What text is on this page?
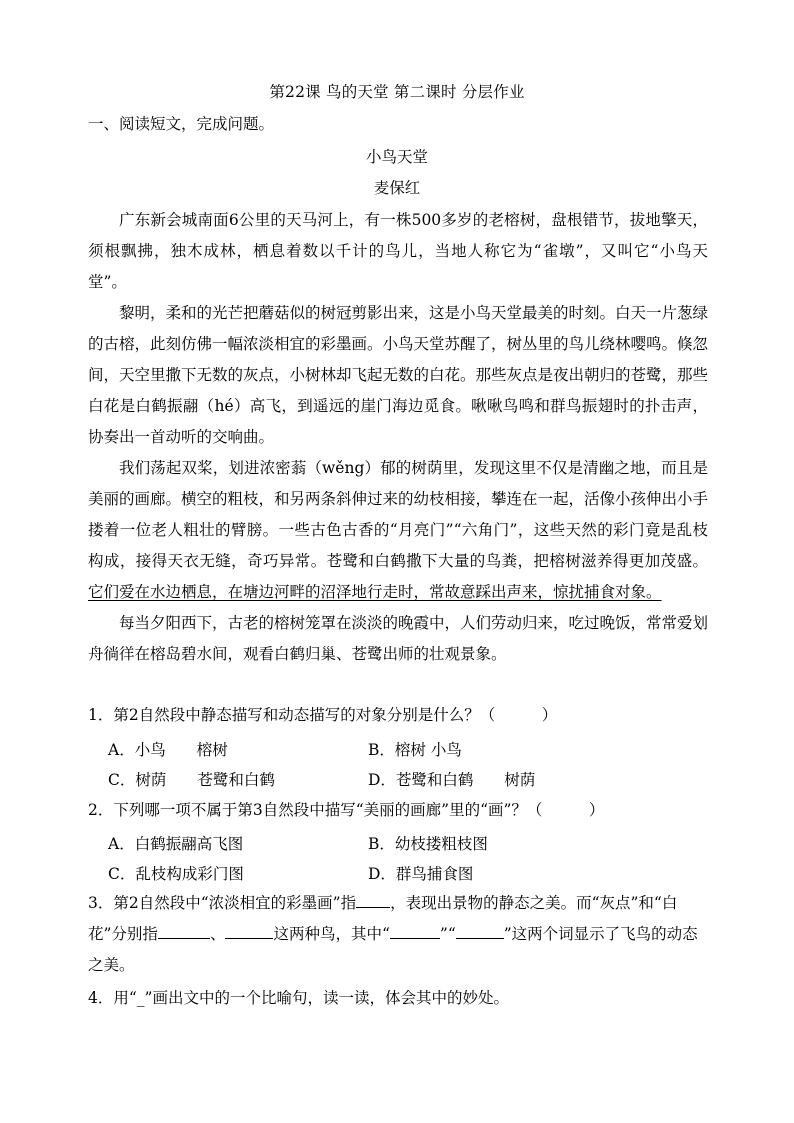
第22课 鸟的天堂 第二课时 分层作业
一、阅读短文，完成问题。
小鸟天堂
麦保红

广东新会城南面6公里的天马河上，有一株500多岁的老榕树，盘根错节，拔地擎天，须根飘拂，独木成林，栖息着数以千计的鸟儿，当地人称它为“雀墩”，又叫它“小鸟天堂”。

黎明，柔和的光芒把蘑菇似的树冠剪影出来，这是小鸟天堂最美的时刻。白天一片葱绿的古榕，此刻仿佛一幅浓淡相宜的彩墨画。小鸟天堂苏醒了，树丛里的鸟儿绕林嘤鸣。倏忽间，天空里撒下无数的灰点，小树林却飞起无数的白花。那些灰点是夜出朝归的苍鹭，那些白花是白鹤振翮（hé）高飞，到遥远的崖门海边觅食。啾啾鸟鸣和群鸟振翅时的扑击声，协奏出一首动听的交响曲。

我们荡起双桨，划进浓密蓊（wěng）郁的树荫里，发现这里不仅是清幽之地，而且是美丽的画廊。横空的粗枝，和另两条斜伸过来的幼枝相接，攀连在一起，活像小孩伸出小手搂着一位老人粗壮的臂膀。一些古色古香的“月亮门”“六角门”，这些天然的彩门竟是乱枝构成，接得天衣无缝，奇巧异常。苍鹭和白鹤撒下大量的鸟粪，把榕树滋养得更加茂盛。它们爱在水边栖息，在塘边河畔的沼泽地行走时，常故意踩出声来，惊扰捕食对象。

每当夕阳西下，古老的榕树笼罩在淡淡的晚霞中，人们劳动归来，吃过晚饭，常常爱划舟徜徉在榕岛碧水间，观看白鹤归巢、苍鹭出师的壮观景象。

1．第2自然段中静态描写和动态描写的对象分别是什么？（　　　）
A．小鸟　　榕树	B．榕树 小鸟
C．树荫　　苍鹭和白鹤	D．苍鹭和白鹤　　树荫
2．下列哪一项不属于第3自然段中描写“美丽的画廊”里的“画”？（　　　）
A．白鹤振翮高飞图	B．幼枝搂粗枝图
C．乱枝构成彩门图	D．群鸟捕食图
3．第2自然段中“浓淡相宜的彩墨画”指 ，表现出景物的静态之美。而“灰点”和“白花”分别指	、	这两种鸟，其中“	”“	”这两个词显示了飞鸟的动态之美。
4．用“_”画出文中的一个比喻句，读一读，体会其中的妙处。
